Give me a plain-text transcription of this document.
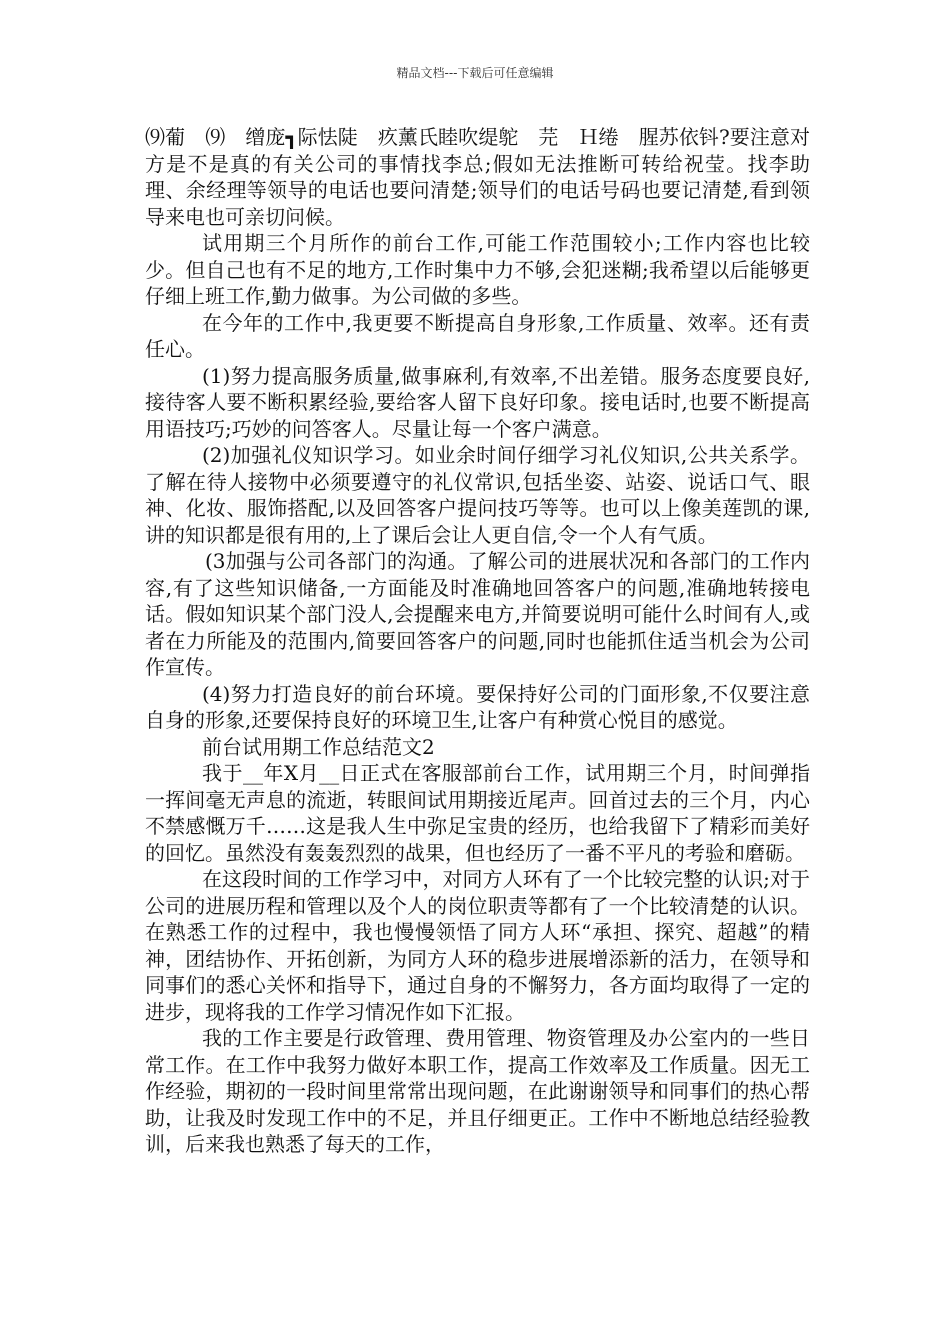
精品文档---下载后可任意编辑

⑼葡　⑼　缯庞┓际怯陡　疚薰氏睦吹缇鸵　芫　Ｈ绻　腥苏依钭?要注意对方是不是真的有关公司的事情找李总;假如无法推断可转给祝莹。找李助理、余经理等领导的电话也要问清楚;领导们的电话号码也要记清楚,看到领导来电也可亲切问候。

试用期三个月所作的前台工作,可能工作范围较小;工作内容也比较少。但自己也有不足的地方,工作时集中力不够,会犯迷糊;我希望以后能够更仔细上班工作,勤力做事。为公司做的多些。

在今年的工作中,我更要不断提高自身形象,工作质量、效率。还有责任心。

(1)努力提高服务质量,做事麻利,有效率,不出差错。服务态度要良好,接待客人要不断积累经验,要给客人留下良好印象。接电话时,也要不断提高用语技巧;巧妙的问答客人。尽量让每一个客户满意。

(2)加强礼仪知识学习。如业余时间仔细学习礼仪知识,公共关系学。了解在待人接物中必须要遵守的礼仪常识,包括坐姿、站姿、说话口气、眼神、化妆、服饰搭配,以及回答客户提问技巧等等。也可以上像美莲凯的课,讲的知识都是很有用的,上了课后会让人更自信,令一个人有气质。

(3加强与公司各部门的沟通。了解公司的进展状况和各部门的工作内容,有了这些知识储备,一方面能及时准确地回答客户的问题,准确地转接电话。假如知识某个部门没人,会提醒来电方,并简要说明可能什么时间有人,或者在力所能及的范围内,简要回答客户的问题,同时也能抓住适当机会为公司作宣传。

(4)努力打造良好的前台环境。要保持好公司的门面形象,不仅要注意自身的形象,还要保持良好的环境卫生,让客户有种赏心悦目的感觉。

前台试用期工作总结范文2

我于__年X月__日正式在客服部前台工作，试用期三个月，时间弹指一挥间毫无声息的流逝，转眼间试用期接近尾声。回首过去的三个月，内心不禁感慨万千……这是我人生中弥足宝贵的经历，也给我留下了精彩而美好的回忆。虽然没有轰轰烈烈的战果，但也经历了一番不平凡的考验和磨砺。

在这段时间的工作学习中，对同方人环有了一个比较完整的认识;对于公司的进展历程和管理以及个人的岗位职责等都有了一个比较清楚的认识。在熟悉工作的过程中，我也慢慢领悟了同方人环“承担、探究、超越”的精神，团结协作、开拓创新，为同方人环的稳步进展增添新的活力，在领导和同事们的悉心关怀和指导下，通过自身的不懈努力，各方面均取得了一定的进步，现将我的工作学习情况作如下汇报。

我的工作主要是行政管理、费用管理、物资管理及办公室内的一些日常工作。在工作中我努力做好本职工作，提高工作效率及工作质量。因无工作经验，期初的一段时间里常常出现问题，在此谢谢领导和同事们的热心帮助，让我及时发现工作中的不足，并且仔细更正。工作中不断地总结经验教训，后来我也熟悉了每天的工作，
